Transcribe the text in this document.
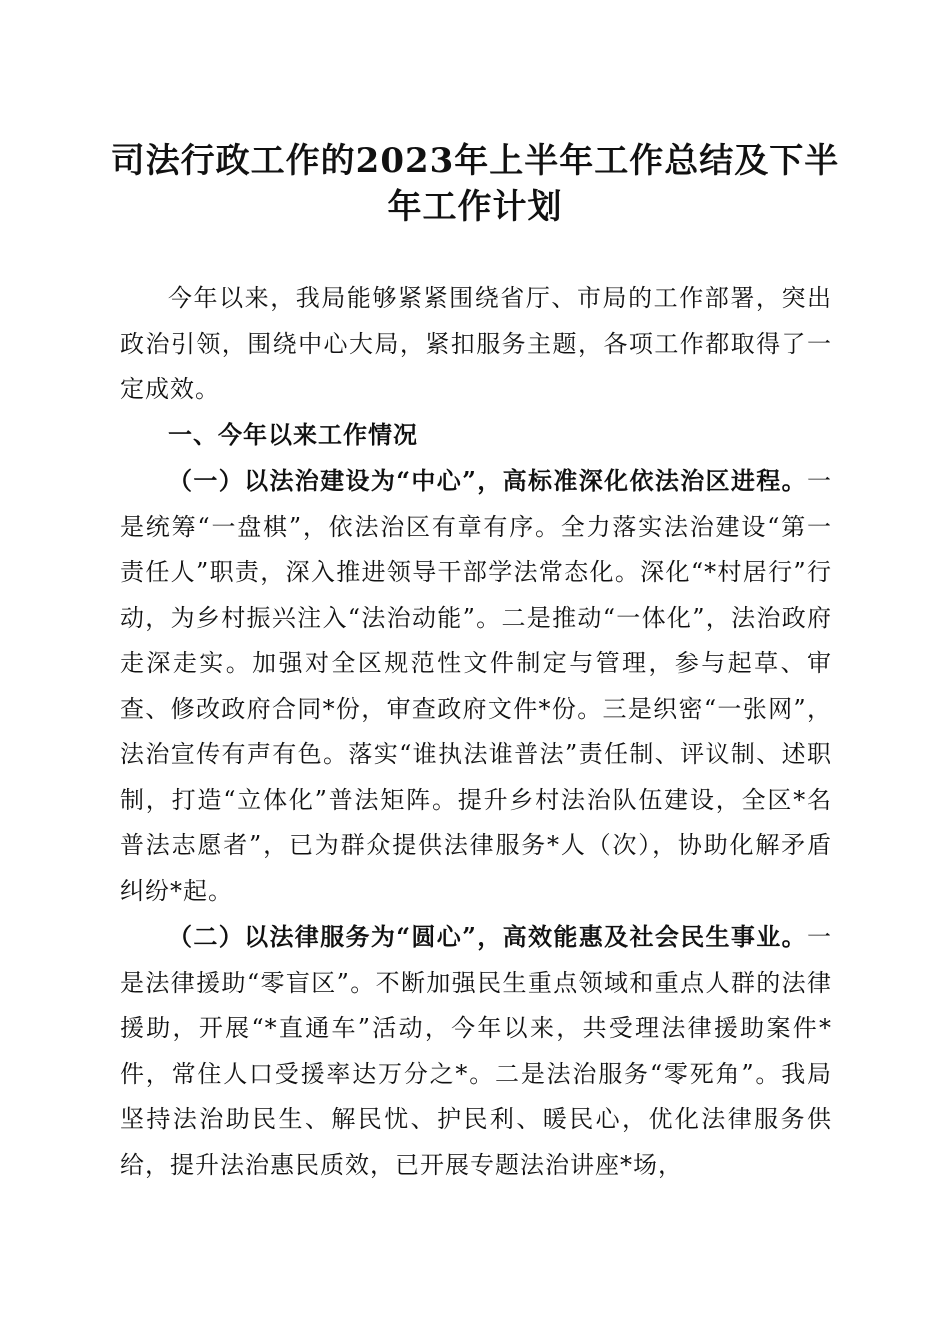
司法行政工作的2023年上半年工作总结及下半年工作计划

今年以来，我局能够紧紧围绕省厅、市局的工作部署，突出政治引领，围绕中心大局，紧扣服务主题，各项工作都取得了一定成效。

一、今年以来工作情况

（一）以法治建设为“中心”，高标准深化依法治区进程。一是统筹“一盘棋”，依法治区有章有序。全力落实法治建设“第一责任人”职责，深入推进领导干部学法常态化。深化“*村居行”行动，为乡村振兴注入“法治动能”。二是推动“一体化”，法治政府走深走实。加强对全区规范性文件制定与管理，参与起草、审查、修改政府合同*份，审查政府文件*份。三是织密“一张网”，法治宣传有声有色。落实“谁执法谁普法”责任制、评议制、述职制，打造“立体化”普法矩阵。提升乡村法治队伍建设，全区*名普法志愿者”，已为群众提供法律服务*人（次），协助化解矛盾纠纷*起。

（二）以法律服务为“圆心”，高效能惠及社会民生事业。一是法律援助“零盲区”。不断加强民生重点领域和重点人群的法律援助，开展“*直通车”活动，今年以来，共受理法律援助案件*件，常住人口受援率达万分之*。二是法治服务“零死角”。我局坚持法治助民生、解民忧、护民利、暖民心，优化法律服务供给，提升法治惠民质效，已开展专题法治讲座*场，
